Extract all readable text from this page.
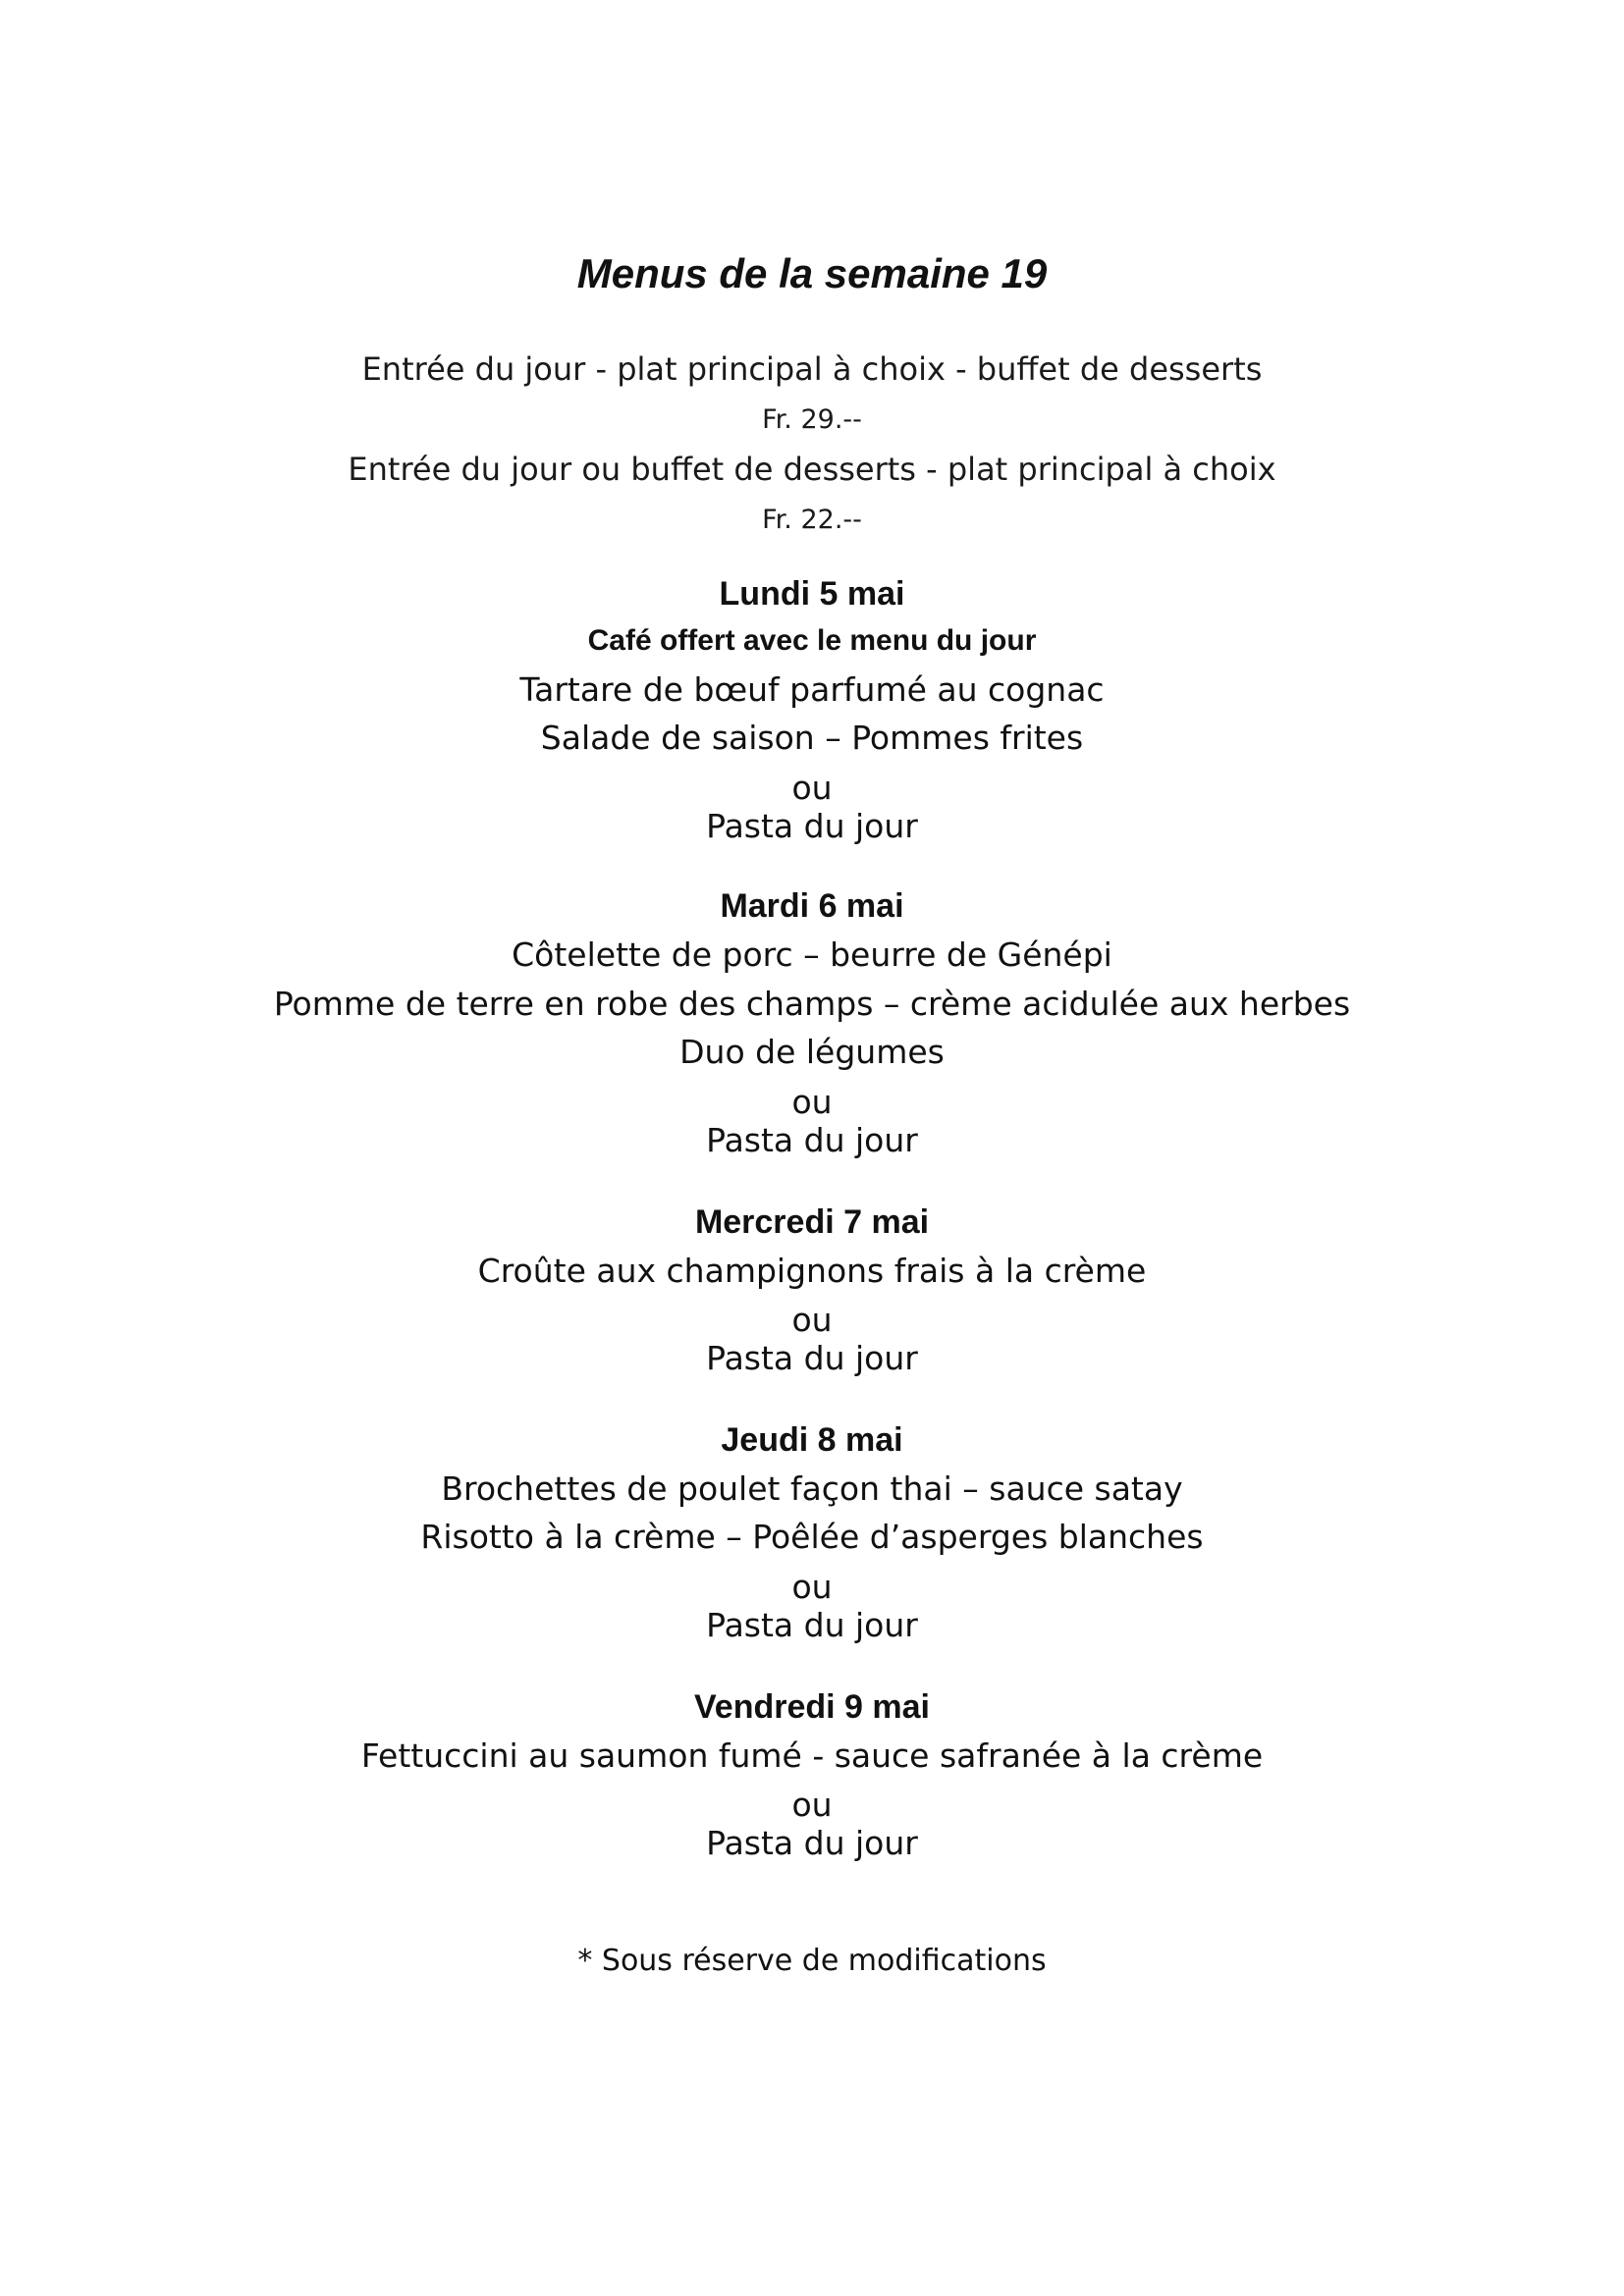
Menus de la semaine 19
Entrée du jour - plat principal à choix - buffet de desserts
Fr. 29.--
Entrée du jour ou buffet de desserts - plat principal à choix
Fr. 22.--
Lundi 5 mai
Café offert avec le menu du jour
Tartare de bœuf parfumé au cognac
Salade de saison – Pommes frites
ou
Pasta du jour
Mardi 6 mai
Côtelette de porc – beurre de Génépi
Pomme de terre en robe des champs – crème acidulée aux herbes
Duo de légumes
ou
Pasta du jour
Mercredi 7 mai
Croûte aux champignons frais à la crème
ou
Pasta du jour
Jeudi 8 mai
Brochettes de poulet façon thai – sauce satay
Risotto à la crème – Poêlée d’asperges blanches
ou
Pasta du jour
Vendredi 9 mai
Fettuccini au saumon fumé - sauce safranée à la crème
ou
Pasta du jour
* Sous réserve de modifications
